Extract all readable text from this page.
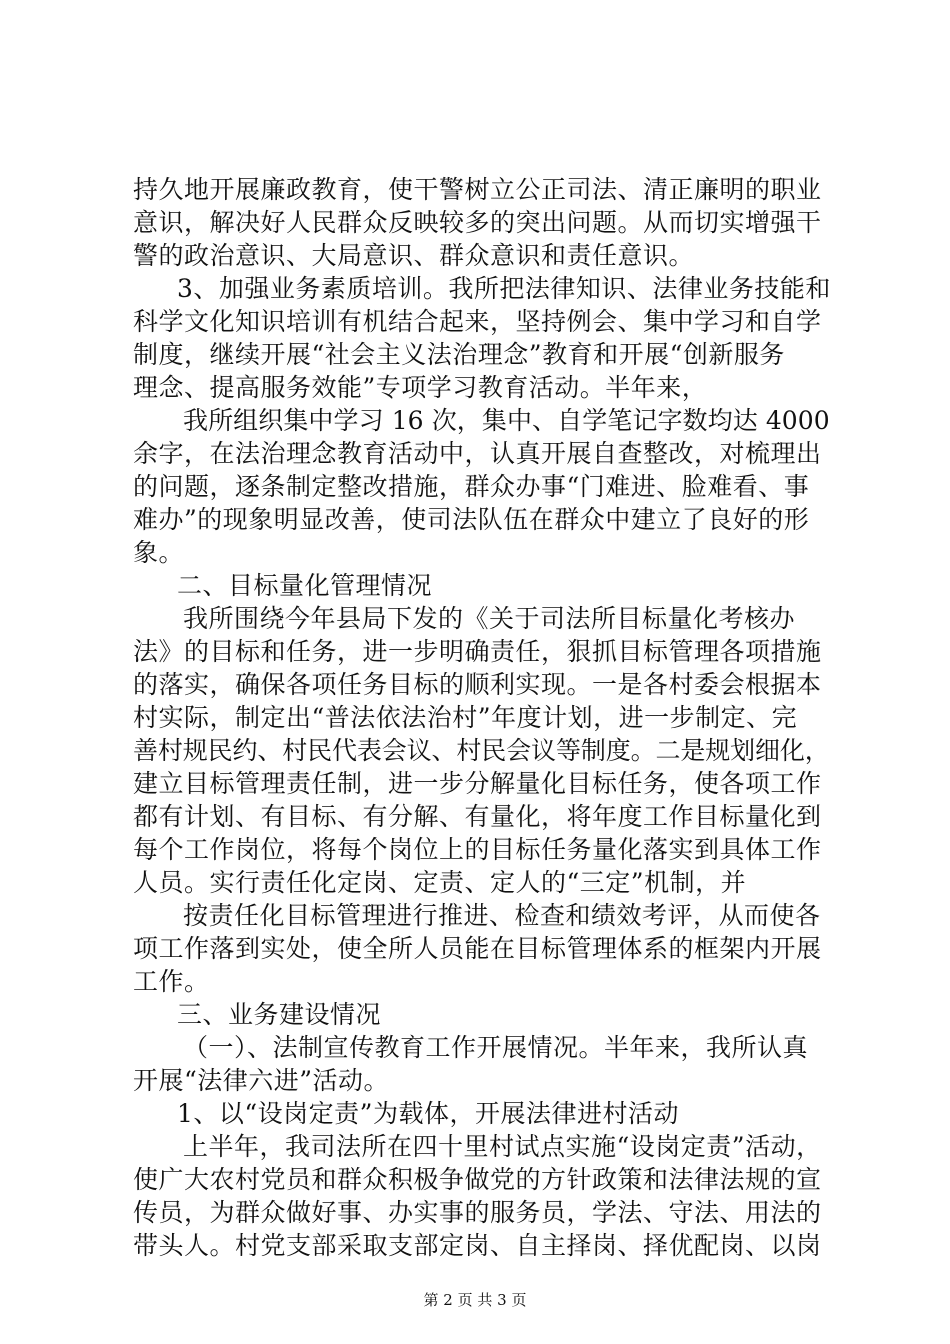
持久地开展廉政教育，使干警树立公正司法、清正廉明的职业
意识，解决好人民群众反映较多的突出问题。从而切实增强干
警的政治意识、大局意识、群众意识和责任意识。
3、加强业务素质培训。我所把法律知识、法律业务技能和
科学文化知识培训有机结合起来，坚持例会、集中学习和自学
制度，继续开展“社会主义法治理念”教育和开展“创新服务
理念、提高服务效能”专项学习教育活动。半年来，
我所组织集中学习 16 次，集中、自学笔记字数均达 4000
余字，在法治理念教育活动中，认真开展自查整改，对梳理出
的问题，逐条制定整改措施，群众办事“门难进、脸难看、事
难办”的现象明显改善，使司法队伍在群众中建立了良好的形
象。
二、目标量化管理情况
我所围绕今年县局下发的《关于司法所目标量化考核办
法》的目标和任务，进一步明确责任，狠抓目标管理各项措施
的落实，确保各项任务目标的顺利实现。一是各村委会根据本
村实际，制定出“普法依法治村”年度计划，进一步制定、完
善村规民约、村民代表会议、村民会议等制度。二是规划细化，
建立目标管理责任制，进一步分解量化目标任务，使各项工作
都有计划、有目标、有分解、有量化，将年度工作目标量化到
每个工作岗位，将每个岗位上的目标任务量化落实到具体工作
人员。实行责任化定岗、定责、定人的“三定”机制，并
按责任化目标管理进行推进、检查和绩效考评，从而使各
项工作落到实处，使全所人员能在目标管理体系的框架内开展
工作。
三、业务建设情况
（一）、法制宣传教育工作开展情况。半年来，我所认真
开展“法律六进”活动。
1、以“设岗定责”为载体，开展法律进村活动
上半年，我司法所在四十里村试点实施“设岗定责”活动，
使广大农村党员和群众积极争做党的方针政策和法律法规的宣
传员，为群众做好事、办实事的服务员，学法、守法、用法的
带头人。村党支部采取支部定岗、自主择岗、择优配岗、以岗
第 2 页 共 3 页
